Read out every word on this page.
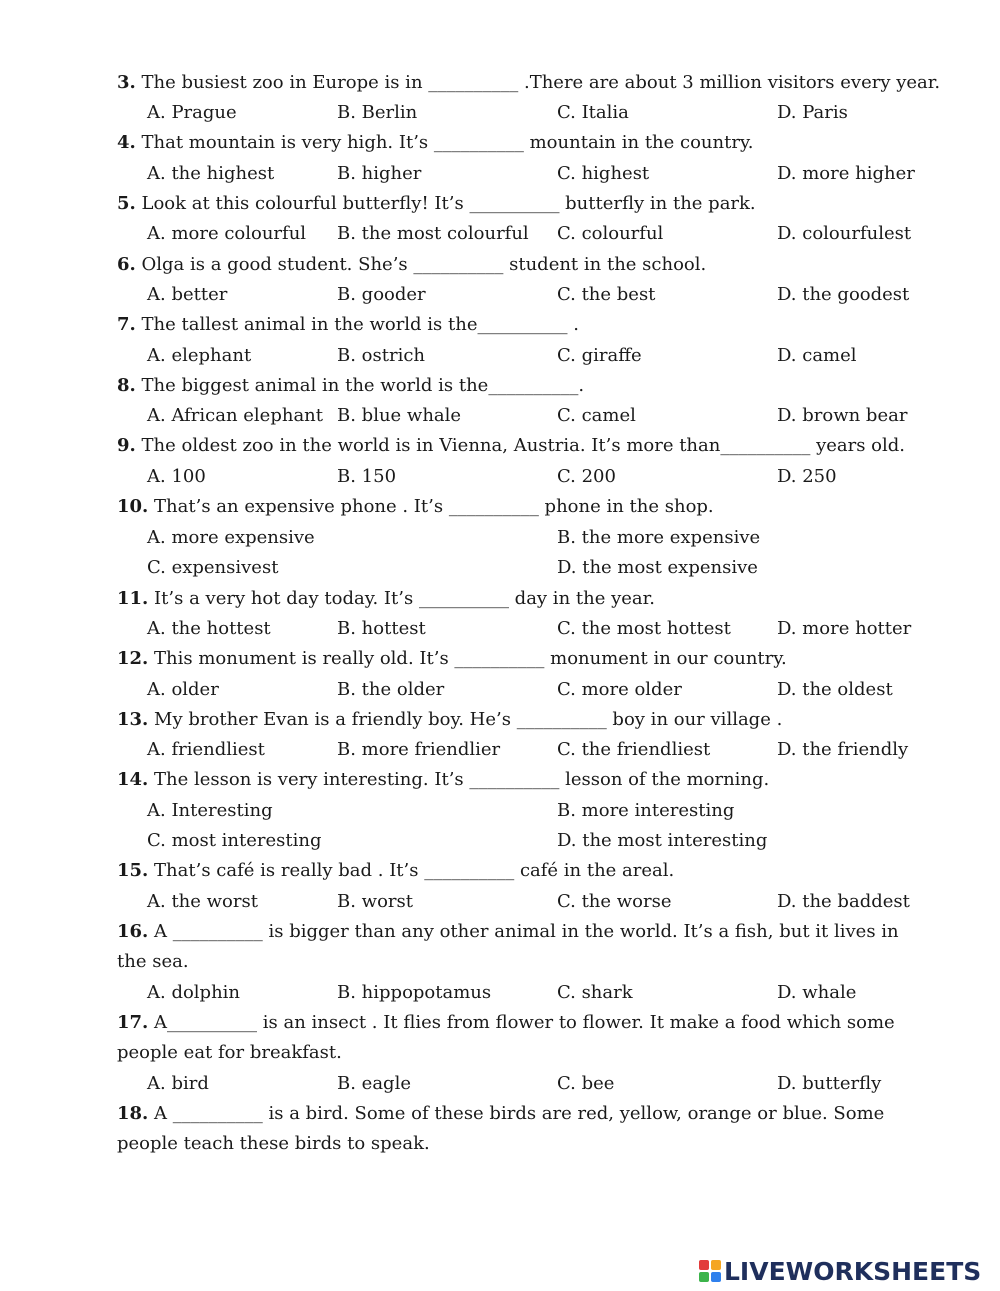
3. The busiest zoo in Europe is in __________ .There are about 3 million visitors every year.
A. Prague	B. Berlin	C. Italia	D. Paris
4. That mountain is very high. It’s __________ mountain in the country.
A. the highest	B. higher	C. highest	D. more higher
5. Look at this colourful butterfly! It’s __________ butterfly in the park.
A. more colourful B. the most colourful C. colourful	D. colourfulest
6. Olga is a good student. She’s __________ student in the school.
A. better	B. gooder	C. the best	D. the goodest
7. The tallest animal in the world is the__________ .
A. elephant	B. ostrich	C. giraffe	D. camel
8. The biggest animal in the world is the__________.
A. African elephant B. blue whale	C. camel	D. brown bear
9. The oldest zoo in the world is in Vienna, Austria. It’s more than__________ years old.
A. 100	B. 150	C. 200	D. 250
10. That’s an expensive phone . It’s __________ phone in the shop.
A. more expensive	B. the more expensive
C. expensivest	D. the most expensive
11. It’s a very hot day today. It’s __________ day in the year.
A. the hottest	B. hottest	C. the most hottest	D. more hotter
12. This monument is really old. It’s __________ monument in our country.
A. older	B. the older	C. more older	D. the oldest
13. My brother Evan is a friendly boy. He’s __________ boy in our village .
A. friendliest	B. more friendlier	C. the friendliest	D. the friendly
14. The lesson is very interesting. It’s __________ lesson of the morning.
A. Interesting	B. more interesting
C. most interesting	D. the most interesting
15. That’s café is really bad . It’s __________ café in the areal.
A. the worst	B. worst	C. the worse	D. the baddest
16. A __________ is bigger than any other animal in the world. It’s a fish, but it lives in the sea.
A. dolphin	B. hippopotamus	C. shark	D. whale
17. A__________ is an insect . It flies from flower to flower. It make a food which some people eat for breakfast.
A. bird	B. eagle	C. bee	D. butterfly
18. A __________ is a bird. Some of these birds are red, yellow, orange or blue. Some people teach these birds to speak.
LIVEWORKSHEETS
